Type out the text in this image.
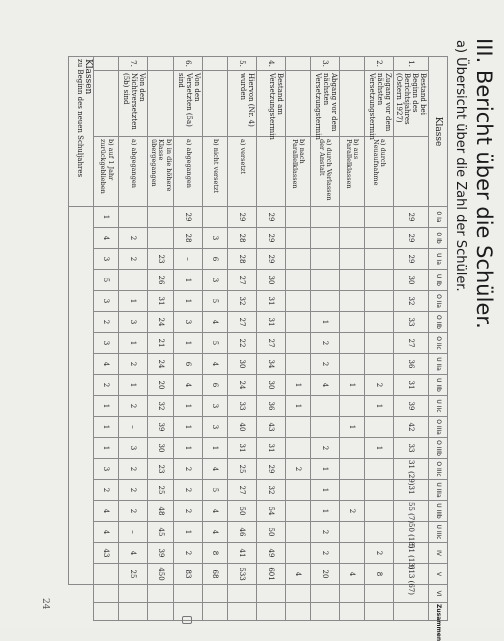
III. Bericht über die Schüler.
a) Übersicht über die Zahl der Schüler.
Klasse			0 Ia	0 Ib	U Ia	U Ib	O IIa	O IIb	O IIc	U IIa	U IIb	U IIc	O IIIa	O IIIb	O IIIc	U IIIa	U IIIb	U IIIc	IV	V	VI	Zusammen
1.	Bestand bei Beginn des Berichtsjahres (Ostern 1927)		29	29	29	30	32	33	27	36	31	39	42	33	31 (29)	31	55 (7)	50 (18)	51 (13)	613 (67)		
2.	Zugang vor dem nächsten Versetzungstermin	a) durch Neuaufnahme									2	1		1					2	8		
		b) aus Parallelklassen									1		1				2			4		
3.	Abgang vor dem nächsten Versetzungstermin	a) durch Verlassen der Anstalt						1	2	2	4			2	1	1	1	2	2	20		
		b) nach Parallelklassen									1	1			2					4		
4.	Bestand am Versetzungstermin		29	29	29	30	31	31	27	34	30	36	43	31	29	32	54	50	49	601		
5.	Hiervon (Nr. 4) wurden	a) versetzt	29	28	28	27	32	27	22	30	24	33	40	31	25	27	50	46	41	533		
		b) nicht versetzt		3	6	3	5	4	5	4	6	3	3	1	4	5	4	4	8	68		
6.	Von den Versetzten (5a) sind	a) abgegangen	29	28	–	1	1	3	1	6	4	1	1	1	2	2	2	1	2	83		
		b) in die höhere Klasse übergegangen			23	26	31	24	21	24	20	32	39	30	23	25	48	45	39	450		
7.	Von den Nichtversetzten (5b) sind	a) abgegangen		2	2		1	3	1	2	1	2	–	3	2	2	2	–	4	25		
		b) auf 1 Jahr zurückgeblieben	1	4	3	5	3	2	3	4	2	1	1	1	3	2	4	4	43			
Klassen
zu Beginn des neuen Schuljahres																						
24
